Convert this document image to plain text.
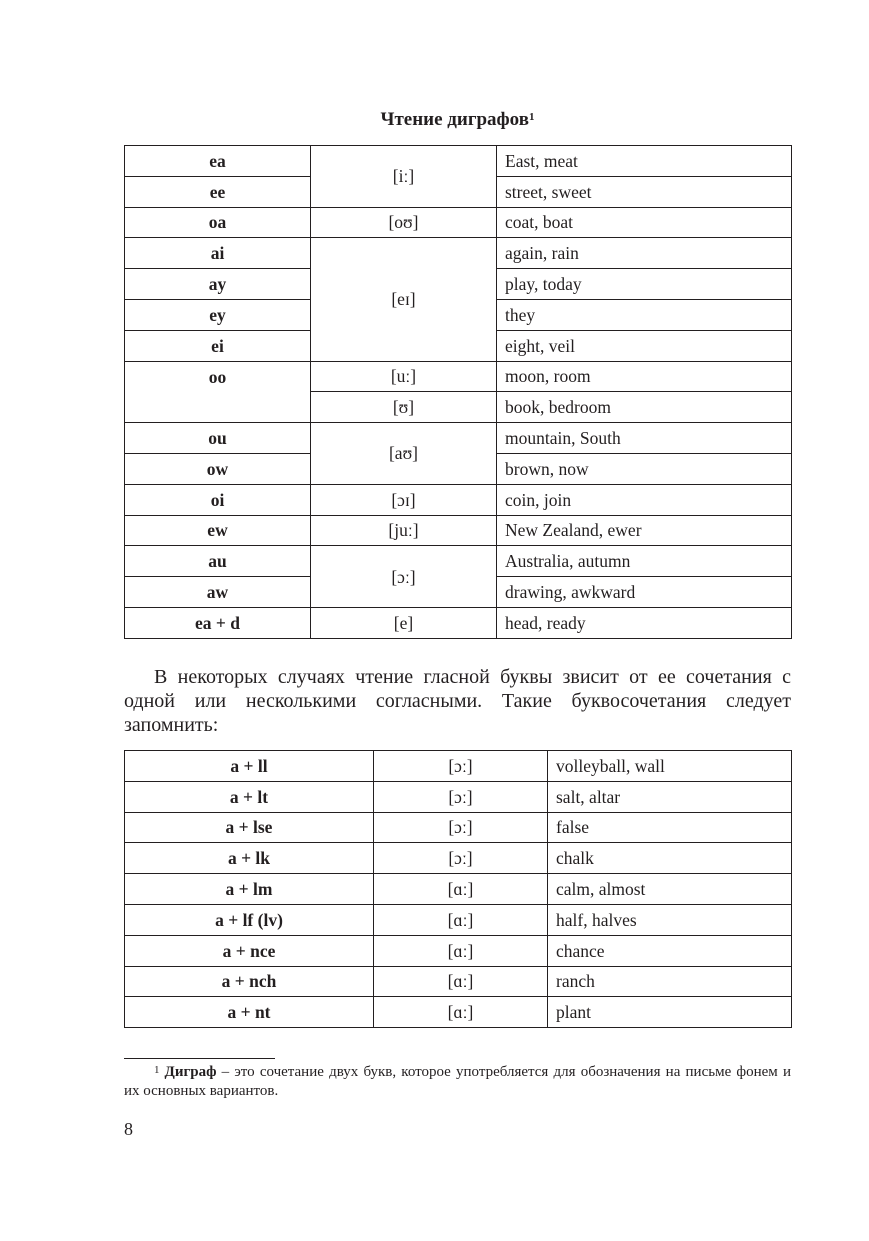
Чтение диграфов$^1$
ea	[iː]	East, meat
ee		street, sweet
oa	[oʊ]	coat, boat
ai	[eɪ]	again, rain
ay		play, today
ey		they
ei		eight, veil
oo	[uː]	moon, room
	[ʊ]	book, bedroom
ou	[aʊ]	mountain, South
ow		brown, now
oi	[ɔɪ]	coin, join
ew	[juː]	New Zealand, ewer
au	[ɔː]	Australia, autumn
aw		drawing, awkward
ea + d	[e]	head, ready

В некоторых случаях чтение гласной буквы звисит от ее сочетания с одной или несколькими согласными. Такие буквосочетания следует запомнить:

a + ll	[ɔː]	volleyball, wall
a + lt	[ɔː]	salt, altar
a + lse	[ɔː]	false
a + lk	[ɔː]	chalk
a + lm	[ɑː]	calm, almost
a + lf (lv)	[ɑː]	half, halves
a + nce	[ɑː]	chance
a + nch	[ɑː]	ranch
a + nt	[ɑː]	plant
$^1$ Диграф – это сочетание двух букв, которое употребляется для обозначения на письме фонем и их основных вариантов.
8
